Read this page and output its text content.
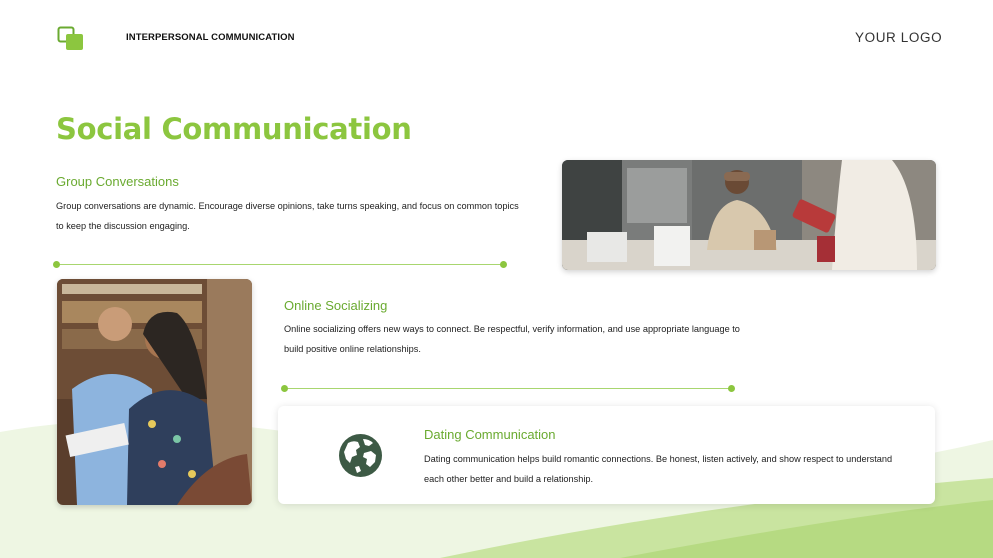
INTERPERSONAL COMMUNICATION	YOUR LOGO
Social Communication
Group Conversations
Group conversations are dynamic. Encourage diverse opinions, take turns speaking, and focus on common topics to keep the discussion engaging.
Online Socializing
Online socializing offers new ways to connect. Be respectful, verify information, and use appropriate language to build positive online relationships.
Dating Communication
Dating communication helps build romantic connections. Be honest, listen actively, and show respect to understand each other better and build a relationship.
